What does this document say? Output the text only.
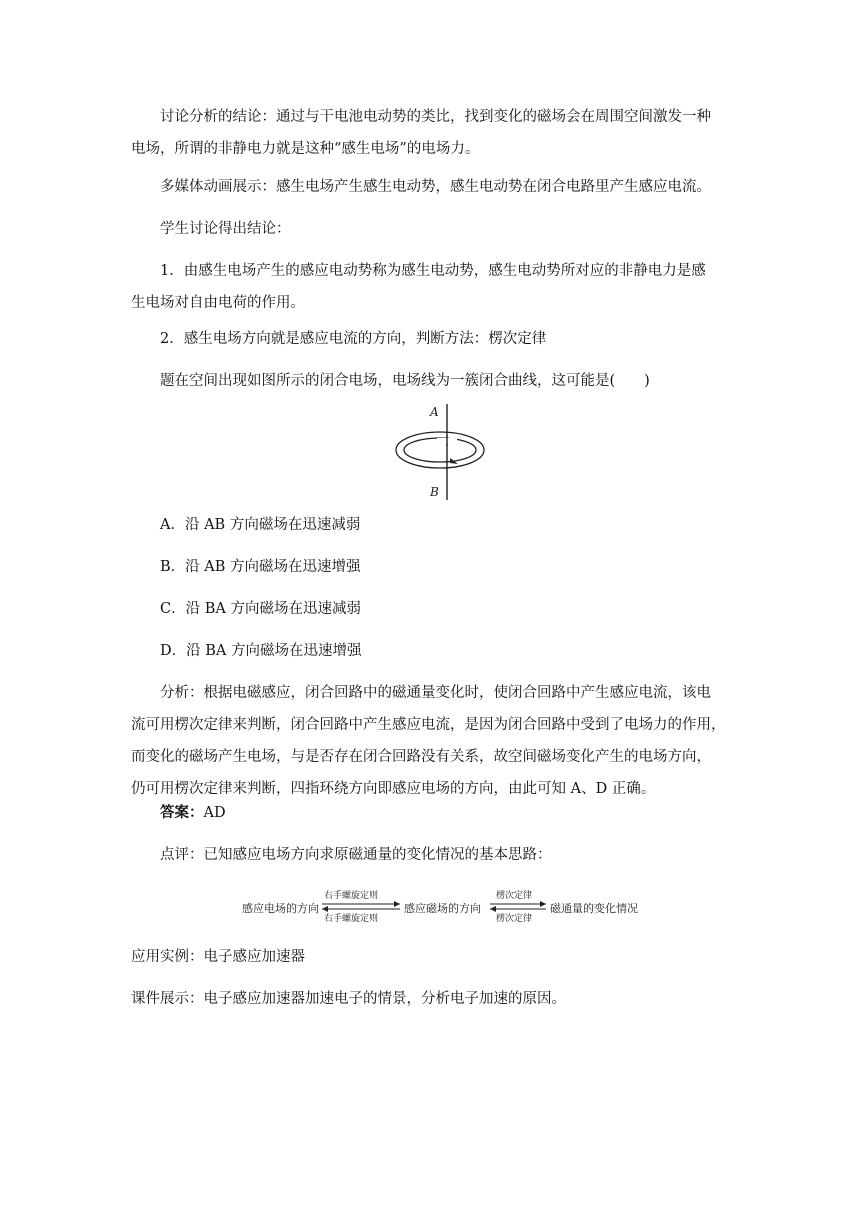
讨论分析的结论：通过与干电池电动势的类比，找到变化的磁场会在周围空间激发一种
电场，所谓的非静电力就是这种“感生电场”的电场力。

多媒体动画展示：感生电场产生感生电动势，感生电动势在闭合电路里产生感应电流。

学生讨论得出结论：

1．由感生电场产生的感应电动势称为感生电动势，感生电动势所对应的非静电力是感
生电场对自由电荷的作用。

2．感生电场方向就是感应电流的方向，判断方法：楞次定律

题在空间出现如图所示的闭合电场，电场线为一簇闭合曲线，这可能是(　　)

A
B

A．沿 AB 方向磁场在迅速减弱

B．沿 AB 方向磁场在迅速增强

C．沿 BA 方向磁场在迅速减弱

D．沿 BA 方向磁场在迅速增强

分析：根据电磁感应，闭合回路中的磁通量变化时，使闭合回路中产生感应电流，该电
流可用楞次定律来判断，闭合回路中产生感应电流，是因为闭合回路中受到了电场力的作用，
而变化的磁场产生电场，与是否存在闭合回路没有关系，故空间磁场变化产生的电场方向，
仍可用楞次定律来判断，四指环绕方向即感应电场的方向，由此可知 A、D 正确。

答案：AD

点评：已知感应电场方向求原磁通量的变化情况的基本思路：

感应电场的方向
右手螺旋定则
右手螺旋定则
感应磁场的方向
楞次定律
楞次定律
磁通量的变化情况

应用实例：电子感应加速器

课件展示：电子感应加速器加速电子的情景，分析电子加速的原因。
